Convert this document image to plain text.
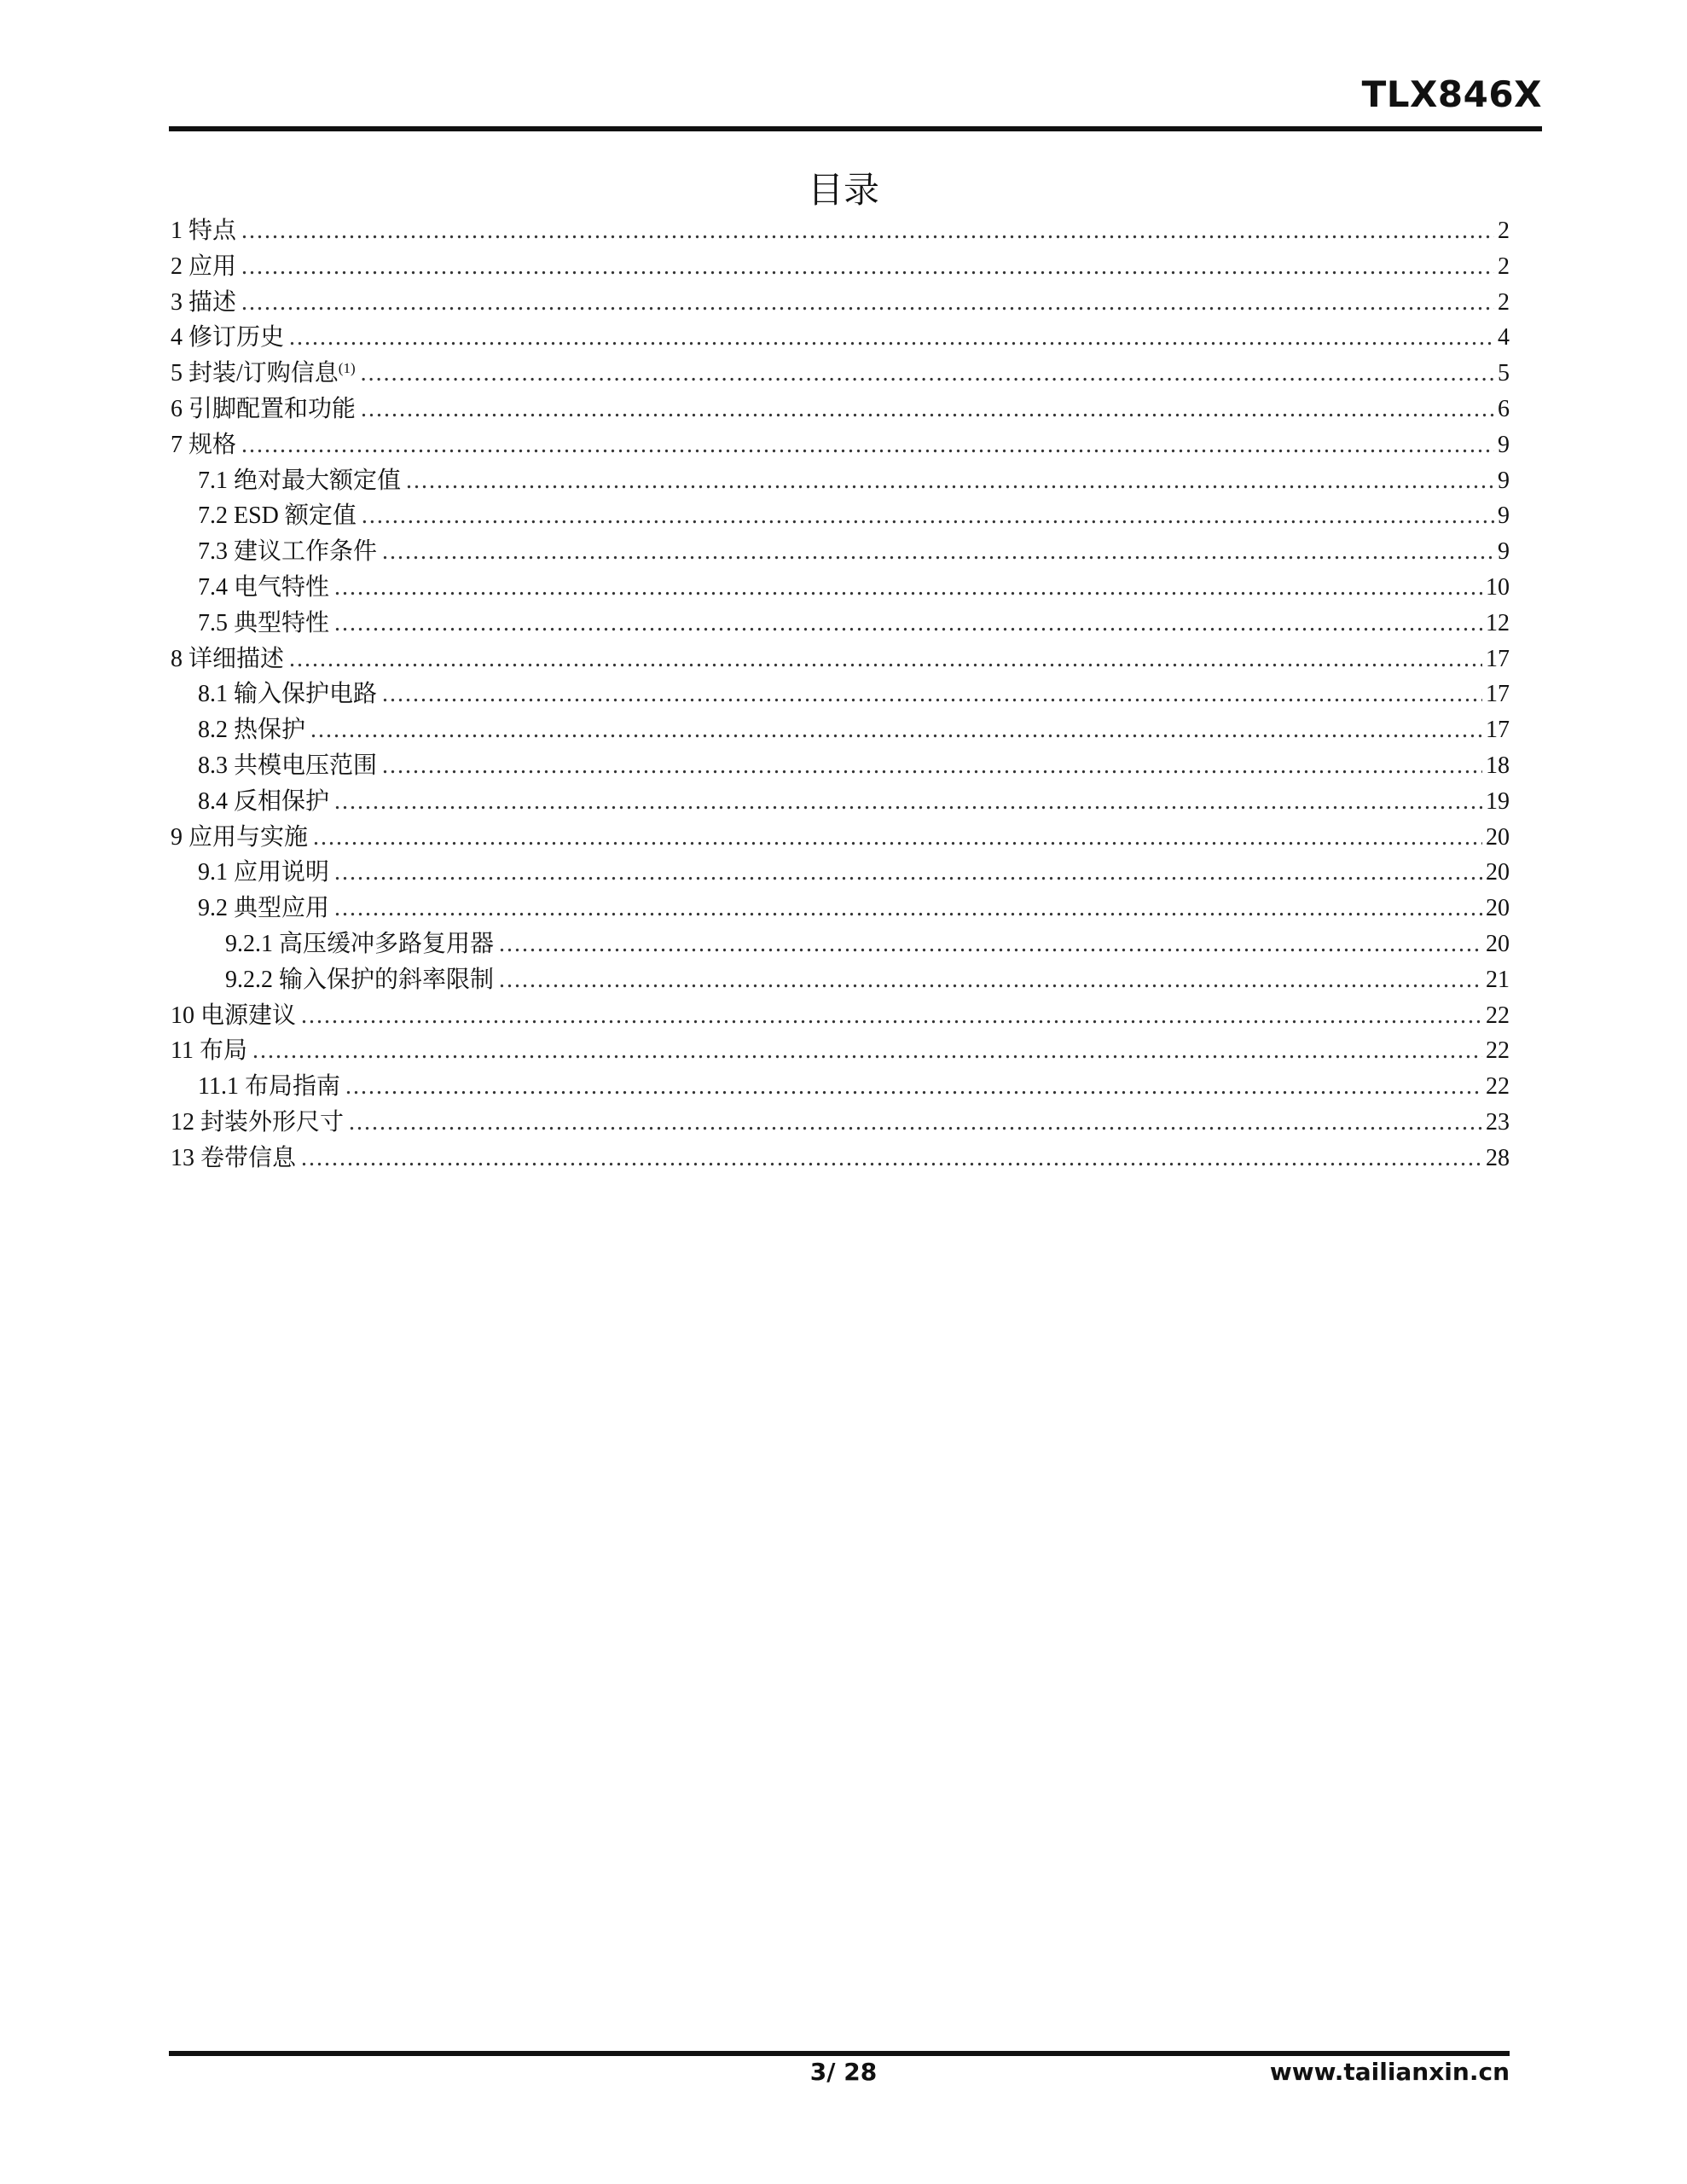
TLX846X
目录
1 特点 .....	2
2 应用 .....	2
3 描述 .....	2
4 修订历史 .....	4
5 封装/订购信息$^{(1)}$ .....	5
6 引脚配置和功能 .....	6
7 规格 .....	9
7.1 绝对最大额定值 .....	9
7.2 ESD 额定值 .....	9
7.3 建议工作条件 .....	9
7.4 电气特性 .....	10
7.5 典型特性 .....	12
8 详细描述 .....	17
8.1 输入保护电路 .....	17
8.2 热保护 .....	17
8.3 共模电压范围 .....	18
8.4 反相保护 .....	19
9 应用与实施 .....	20
9.1 应用说明 .....	20
9.2 典型应用 .....	20
9.2.1 高压缓冲多路复用器 .....	20
9.2.2 输入保护的斜率限制 .....	21
10 电源建议 .....	22
11 布局 .....	22
11.1 布局指南 .....	22
12 封装外形尺寸 .....	23
13 卷带信息 .....	28
3/ 28	www.tailianxin.cn
